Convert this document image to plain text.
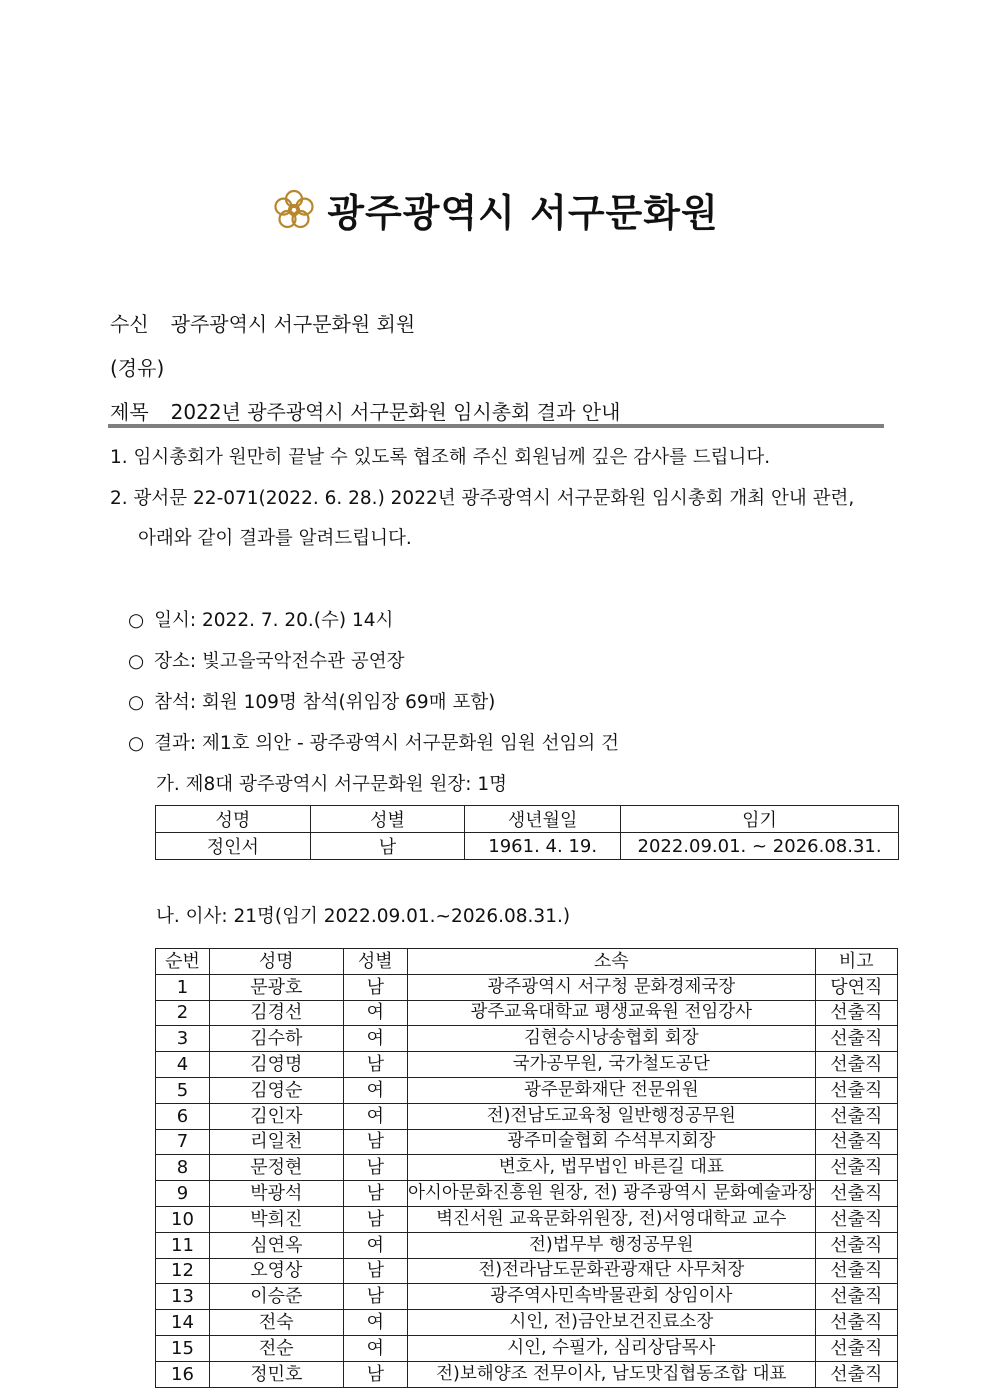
광주광역시 서구문화원
수신 광주광역시 서구문화원 회원
(경유)
제목 2022년 광주광역시 서구문화원 임시총회 결과 안내
1. 임시총회가 원만히 끝날 수 있도록 협조해 주신 회원님께 깊은 감사를 드립니다.
2. 광서문 22-071(2022. 6. 28.) 2022년 광주광역시 서구문화원 임시총회 개최 안내 관련,
아래와 같이 결과를 알려드립니다.
○ 일시: 2022. 7. 20.(수) 14시
○ 장소: 빛고을국악전수관 공연장
○ 참석: 회원 109명 참석(위임장 69매 포함)
○ 결과: 제1호 의안 - 광주광역시 서구문화원 임원 선임의 건
가. 제8대 광주광역시 서구문화원 원장: 1명
성명	성별	생년월일	임기
정인서	남	1961. 4. 19.	2022.09.01. ~ 2026.08.31.
나. 이사: 21명(임기 2022.09.01.~2026.08.31.)
순번	성명	성별	소속	비고
1	문광호	남	광주광역시 서구청 문화경제국장	당연직
2	김경선	여	광주교육대학교 평생교육원 전임강사	선출직
3	김수하	여	김현승시낭송협회 회장	선출직
4	김영명	남	국가공무원, 국가철도공단	선출직
5	김영순	여	광주문화재단 전문위원	선출직
6	김인자	여	전)전남도교육청 일반행정공무원	선출직
7	리일천	남	광주미술협회 수석부지회장	선출직
8	문정현	남	변호사, 법무법인 바른길 대표	선출직
9	박광석	남	아시아문화진흥원 원장, 전) 광주광역시 문화예술과장	선출직
10	박희진	남	벽진서원 교육문화위원장, 전)서영대학교 교수	선출직
11	심연옥	여	전)법무부 행정공무원	선출직
12	오영상	남	전)전라남도문화관광재단 사무처장	선출직
13	이승준	남	광주역사민속박물관회 상임이사	선출직
14	전숙	여	시인, 전)금안보건진료소장	선출직
15	전순	여	시인, 수필가, 심리상담목사	선출직
16	정민호	남	전)보해양조 전무이사, 남도맛집협동조합 대표	선출직
